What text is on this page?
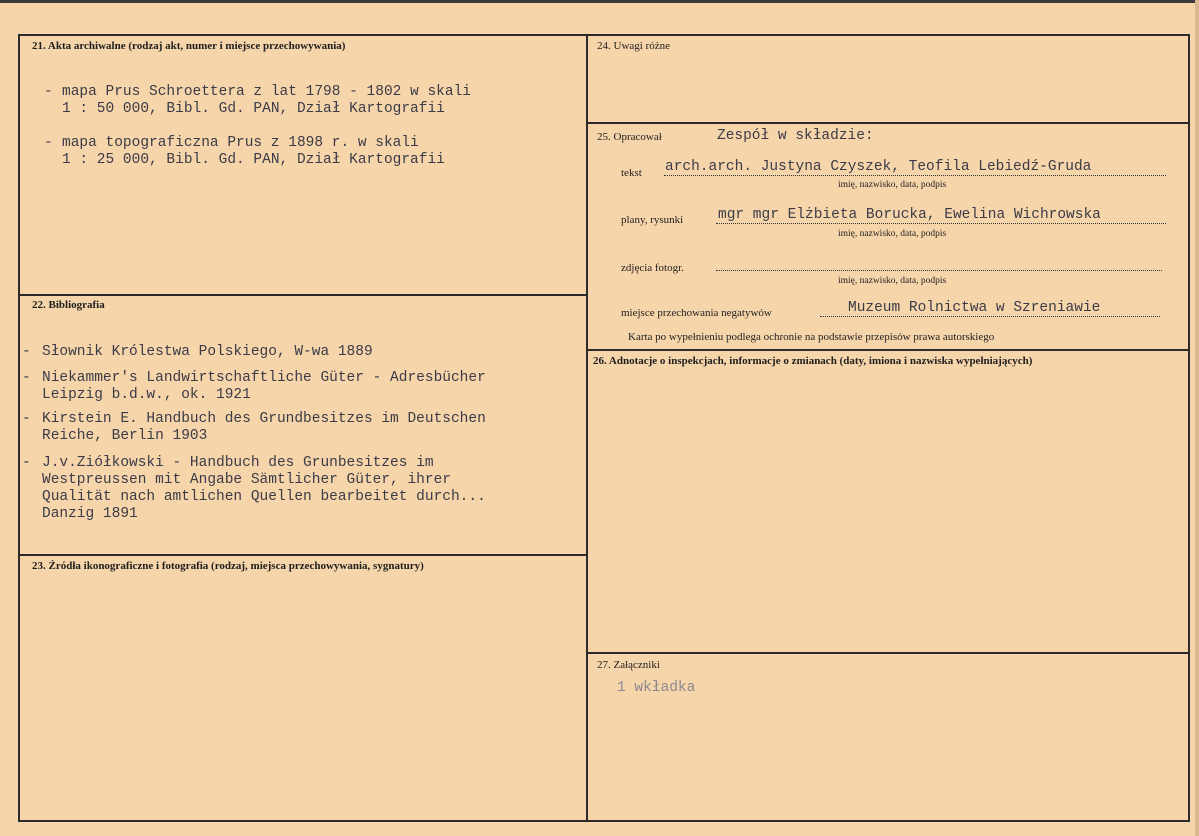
21. Akta archiwalne (rodzaj akt, numer i miejsce przechowywania)
- mapa Prus Schroettera z lat 1798 - 1802 w skali
1 : 50 000, Bibl. Gd. PAN, Dział Kartografii
- mapa topograficzna Prus z 1898 r. w skali
1 : 25 000, Bibl. Gd. PAN, Dział Kartografii
22. Bibliografia
- Słownik Królestwa Polskiego, W-wa 1889
- Niekammer's Landwirtschaftliche Güter - Adresbücher
Leipzig b.d.w., ok. 1921
- Kirstein E. Handbuch des Grundbesitzes im Deutschen
Reiche, Berlin 1903
- J.v.Ziółkowski - Handbuch des Grunbesitzes im
Westpreussen mit Angabe Sämtlicher Güter, ihrer
Qualität nach amtlichen Quellen bearbeitet durch...
Danzig 1891
23. Źródła ikonograficzne i fotografia (rodzaj, miejsca przechowywania, sygnatury)
24. Uwagi różne
25. Opracował	Zespół w składzie:
tekst arch.arch. Justyna Czyszek, Teofila Lebiedź-Gruda
imię, nazwisko, data, podpis
plany, rysunki mgr mgr Elżbieta Borucka, Ewelina Wichrowska
imię, nazwisko, data, podpis
zdjęcia fotogr.
imię, nazwisko, data, podpis
miejsce przechowania negatywów	Muzeum Rolnictwa w Szreniawie
Karta po wypełnieniu podlega ochronie na podstawie przepisów prawa autorskiego
26. Adnotacje o inspekcjach, informacje o zmianach (daty, imiona i nazwiska wypełniających)
27. Załączniki
1 wkładka
